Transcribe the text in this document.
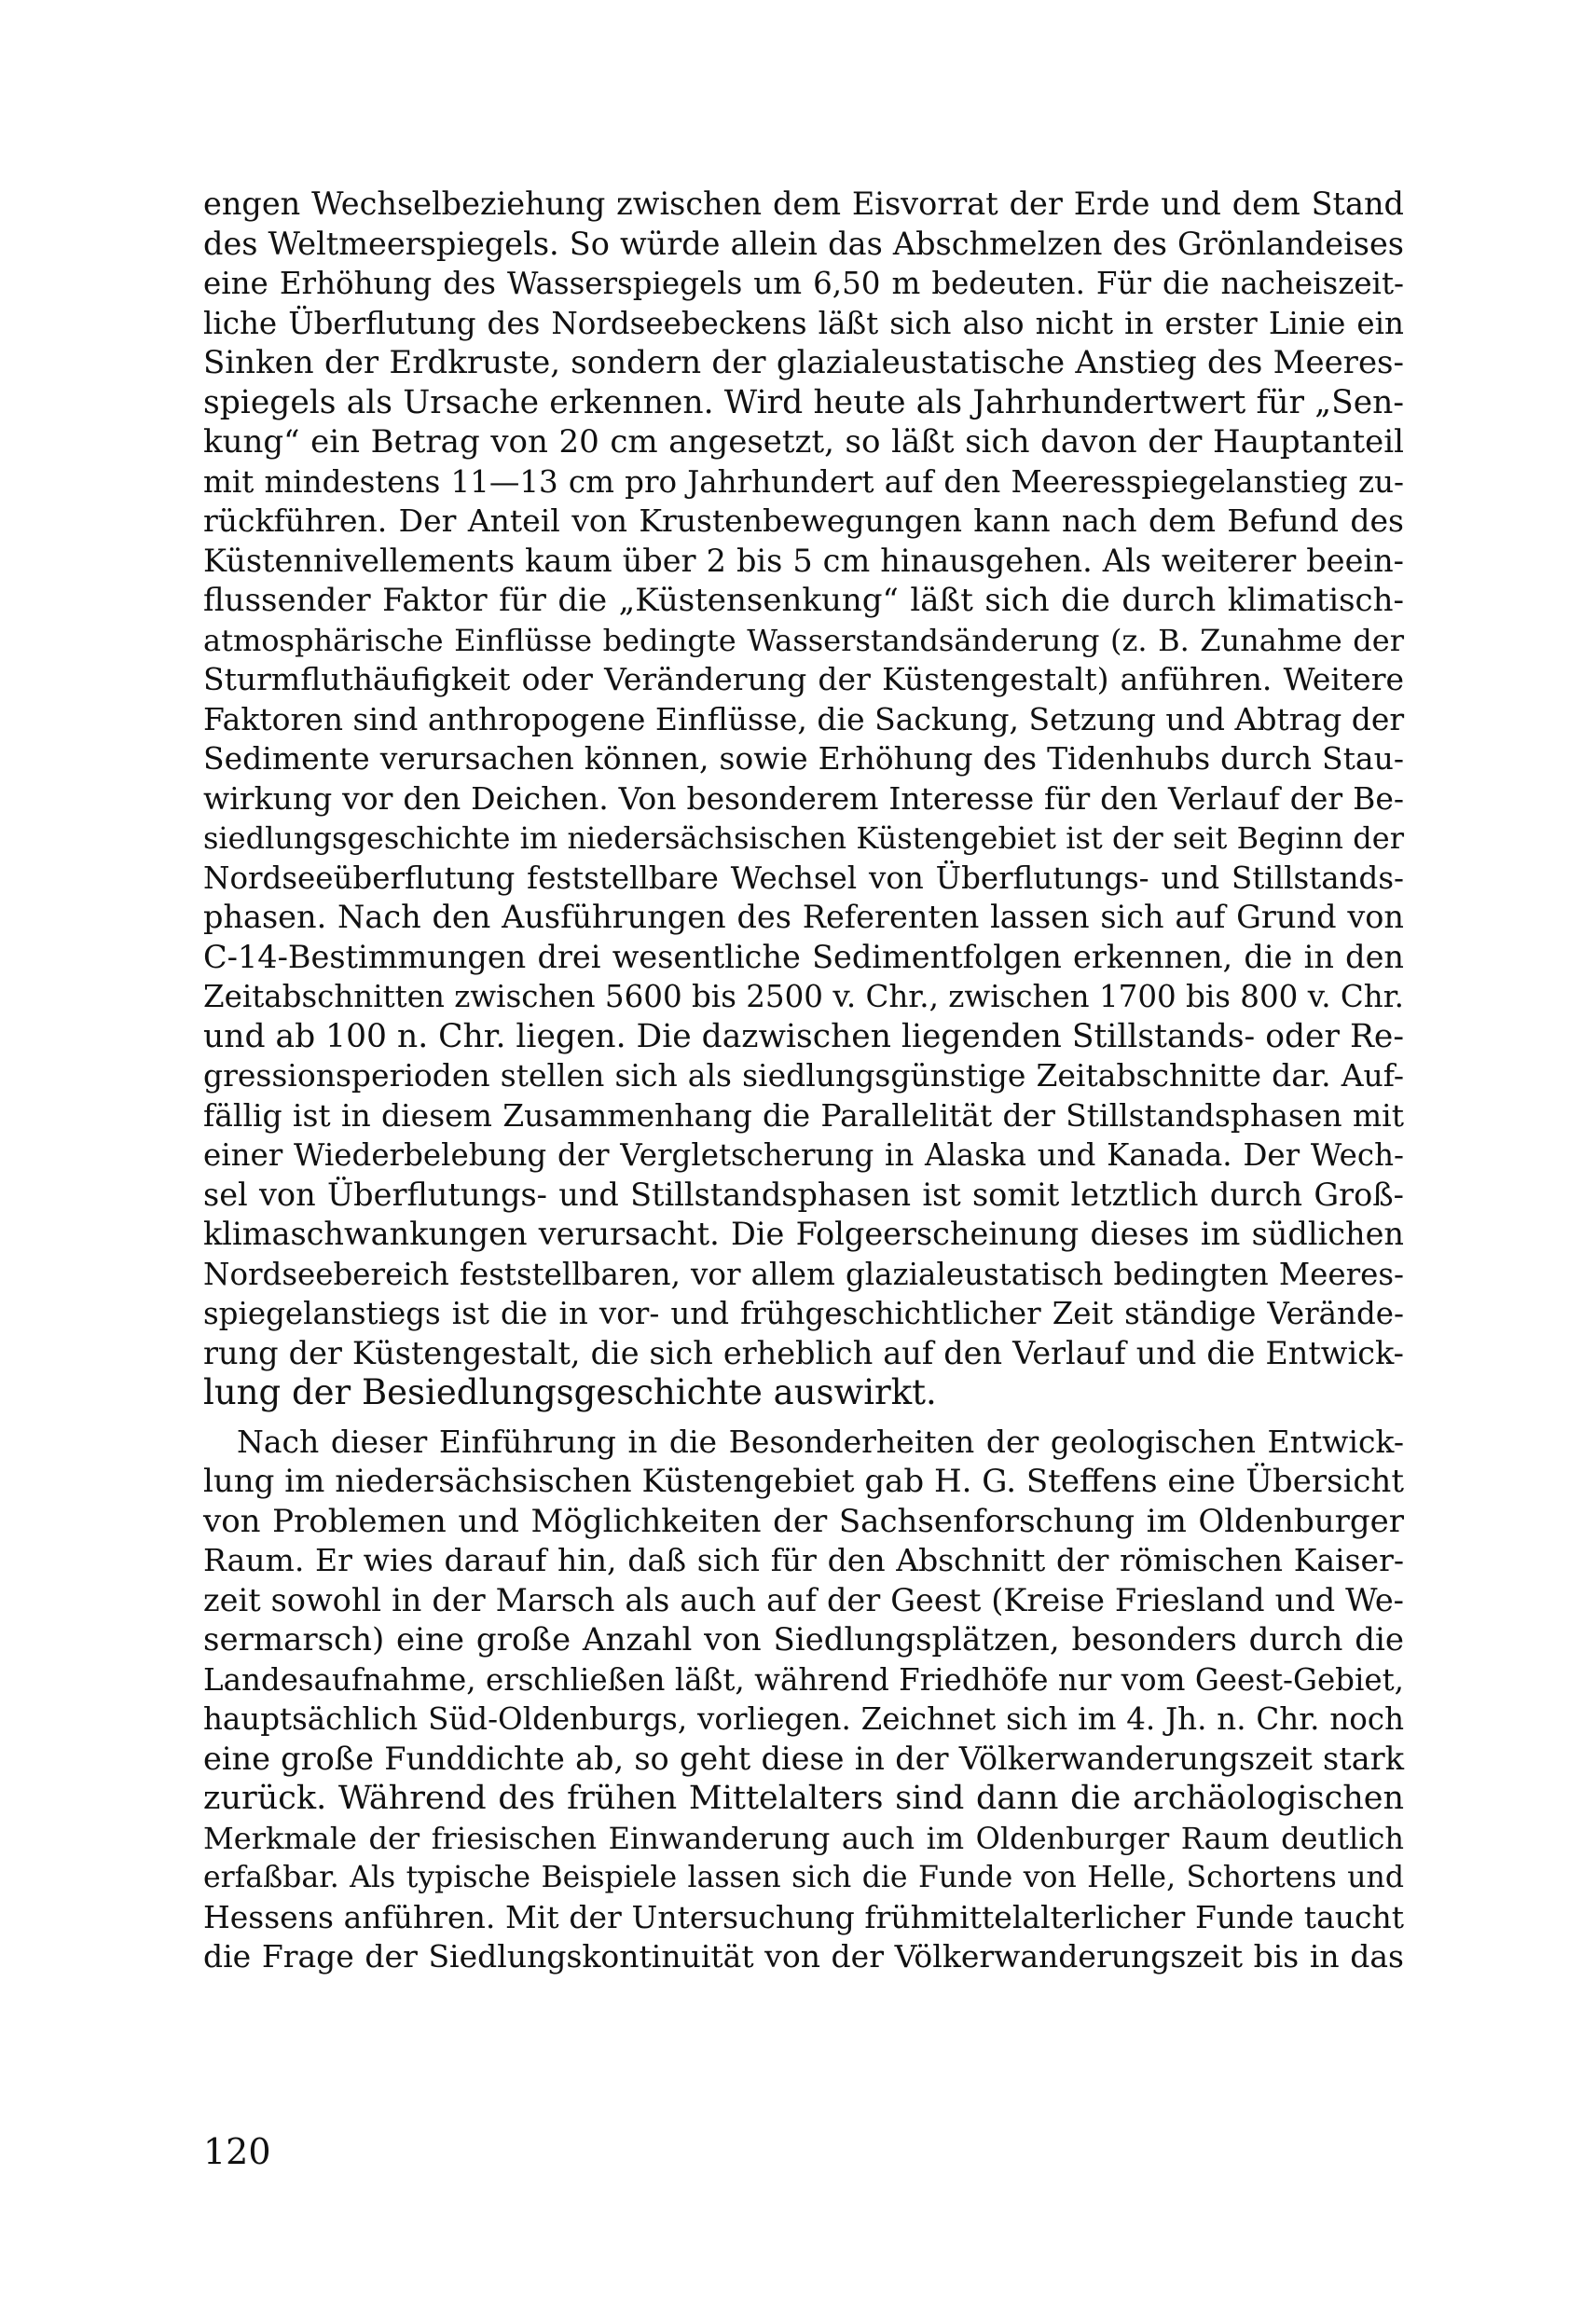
engen Wechselbeziehung zwischen dem Eisvorrat der Erde und dem Stand
des Weltmeerspiegels. So würde allein das Abschmelzen des Grönlandeises
eine Erhöhung des Wasserspiegels um 6,50 m bedeuten. Für die nacheiszeit-
liche Überflutung des Nordseebeckens läßt sich also nicht in erster Linie ein
Sinken der Erdkruste, sondern der glazialeustatische Anstieg des Meeres-
spiegels als Ursache erkennen. Wird heute als Jahrhundertwert für „Sen-
kung“ ein Betrag von 20 cm angesetzt, so läßt sich davon der Hauptanteil
mit mindestens 11—13 cm pro Jahrhundert auf den Meeresspiegelanstieg zu-
rückführen. Der Anteil von Krustenbewegungen kann nach dem Befund des
Küstennivellements kaum über 2 bis 5 cm hinausgehen. Als weiterer beein-
flussender Faktor für die „Küstensenkung“ läßt sich die durch klimatisch-
atmosphärische Einflüsse bedingte Wasserstandsänderung (z. B. Zunahme der
Sturmfluthäufigkeit oder Veränderung der Küstengestalt) anführen. Weitere
Faktoren sind anthropogene Einflüsse, die Sackung, Setzung und Abtrag der
Sedimente verursachen können, sowie Erhöhung des Tidenhubs durch Stau-
wirkung vor den Deichen. Von besonderem Interesse für den Verlauf der Be-
siedlungsgeschichte im niedersächsischen Küstengebiet ist der seit Beginn der
Nordseeüberflutung feststellbare Wechsel von Überflutungs- und Stillstands-
phasen. Nach den Ausführungen des Referenten lassen sich auf Grund von
C-14-Bestimmungen drei wesentliche Sedimentfolgen erkennen, die in den
Zeitabschnitten zwischen 5600 bis 2500 v. Chr., zwischen 1700 bis 800 v. Chr.
und ab 100 n. Chr. liegen. Die dazwischen liegenden Stillstands- oder Re-
gressionsperioden stellen sich als siedlungsgünstige Zeitabschnitte dar. Auf-
fällig ist in diesem Zusammenhang die Parallelität der Stillstandsphasen mit
einer Wiederbelebung der Vergletscherung in Alaska und Kanada. Der Wech-
sel von Überflutungs- und Stillstandsphasen ist somit letztlich durch Groß-
klimaschwankungen verursacht. Die Folgeerscheinung dieses im südlichen
Nordseebereich feststellbaren, vor allem glazialeustatisch bedingten Meeres-
spiegelanstiegs ist die in vor- und frühgeschichtlicher Zeit ständige Verände-
rung der Küstengestalt, die sich erheblich auf den Verlauf und die Entwick-
lung der Besiedlungsgeschichte auswirkt.
Nach dieser Einführung in die Besonderheiten der geologischen Entwick-
lung im niedersächsischen Küstengebiet gab H. G. Steffens eine Übersicht
von Problemen und Möglichkeiten der Sachsenforschung im Oldenburger
Raum. Er wies darauf hin, daß sich für den Abschnitt der römischen Kaiser-
zeit sowohl in der Marsch als auch auf der Geest (Kreise Friesland und We-
sermarsch) eine große Anzahl von Siedlungsplätzen, besonders durch die
Landesaufnahme, erschließen läßt, während Friedhöfe nur vom Geest-Gebiet,
hauptsächlich Süd-Oldenburgs, vorliegen. Zeichnet sich im 4. Jh. n. Chr. noch
eine große Funddichte ab, so geht diese in der Völkerwanderungszeit stark
zurück. Während des frühen Mittelalters sind dann die archäologischen
Merkmale der friesischen Einwanderung auch im Oldenburger Raum deutlich
erfaßbar. Als typische Beispiele lassen sich die Funde von Helle, Schortens und
Hessens anführen. Mit der Untersuchung frühmittelalterlicher Funde taucht
die Frage der Siedlungskontinuität von der Völkerwanderungszeit bis in das
120
